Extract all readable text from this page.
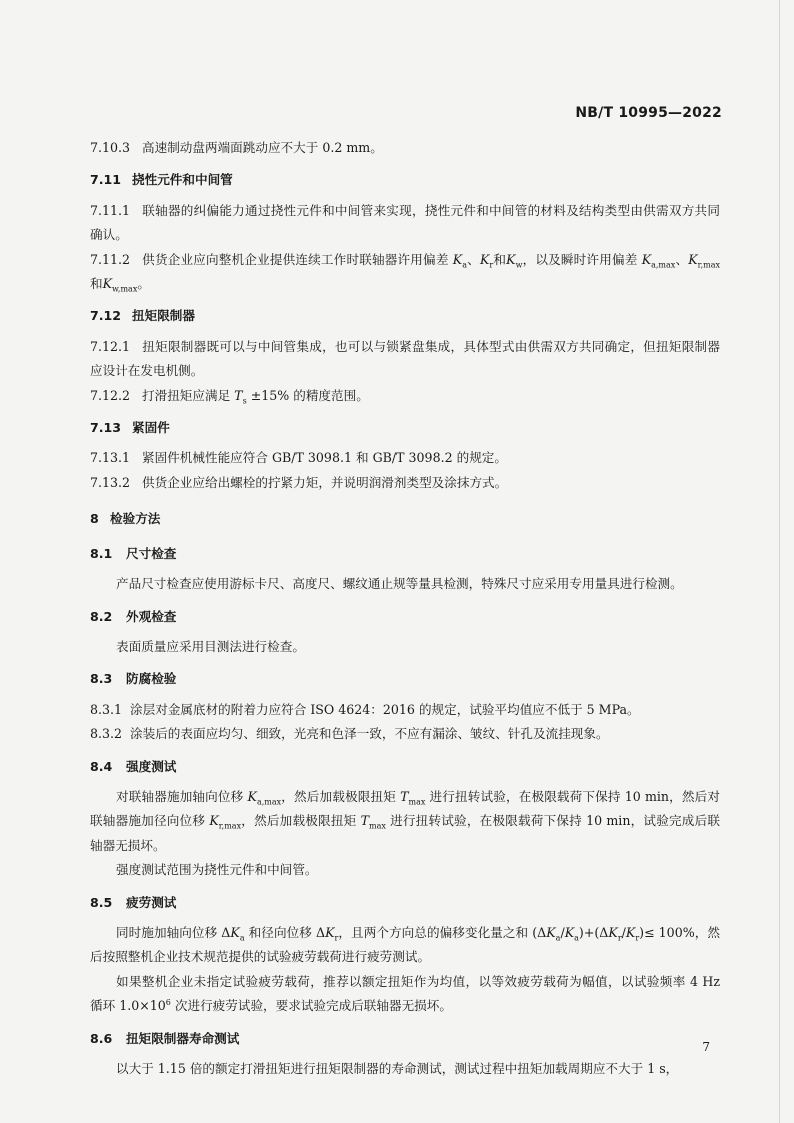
NB/T 10995—2022
7.10.3 高速制动盘两端面跳动应不大于 0.2 mm。
7.11 挠性元件和中间管
7.11.1 联轴器的纠偏能力通过挠性元件和中间管来实现，挠性元件和中间管的材料及结构类型由供需双方共同确认。
7.11.2 供货企业应向整机企业提供连续工作时联轴器许用偏差 $K_a$、$K_r$和$K_w$，以及瞬时许用偏差 $K_{a,max}$、$K_{r,max}$和$K_{w,max}$。
7.12 扭矩限制器
7.12.1 扭矩限制器既可以与中间管集成，也可以与锁紧盘集成，具体型式由供需双方共同确定，但扭矩限制器应设计在发电机侧。
7.12.2 打滑扭矩应满足 $T_s \pm 15\%$ 的精度范围。
7.13 紧固件
7.13.1 紧固件机械性能应符合 GB/T 3098.1 和 GB/T 3098.2 的规定。
7.13.2 供货企业应给出螺栓的拧紧力矩，并说明润滑剂类型及涂抹方式。
8 检验方法
8.1 尺寸检查
产品尺寸检查应使用游标卡尺、高度尺、螺纹通止规等量具检测，特殊尺寸应采用专用量具进行检测。
8.2 外观检查
表面质量应采用目测法进行检查。
8.3 防腐检验
8.3.1 涂层对金属底材的附着力应符合 ISO 4624：2016 的规定，试验平均值应不低于 5 MPa。
8.3.2 涂装后的表面应均匀、细致，光亮和色泽一致，不应有漏涂、皱纹、针孔及流挂现象。
8.4 强度测试
对联轴器施加轴向位移 $K_{a,max}$，然后加载极限扭矩 $T_{max}$ 进行扭转试验，在极限载荷下保持 10 min，然后对联轴器施加径向位移 $K_{r,max}$，然后加载极限扭矩 $T_{max}$ 进行扭转试验，在极限载荷下保持 10 min，试验完成后联轴器无损坏。
强度测试范围为挠性元件和中间管。
8.5 疲劳测试
同时施加轴向位移 $\Delta K_a$ 和径向位移 $\Delta K_r$，且两个方向总的偏移变化量之和 $(\Delta K_a/K_a)+(\Delta K_r/K_r)\le 100\%$，然后按照整机企业技术规范提供的试验疲劳载荷进行疲劳测试。
如果整机企业未指定试验疲劳载荷，推荐以额定扭矩作为均值，以等效疲劳载荷为幅值，以试验频率 4 Hz 循环 $1.0\times 10^6$ 次进行疲劳试验，要求试验完成后联轴器无损坏。
8.6 扭矩限制器寿命测试
以大于 1.15 倍的额定打滑扭矩进行扭矩限制器的寿命测试，测试过程中扭矩加载周期应不大于 1 s，
7
